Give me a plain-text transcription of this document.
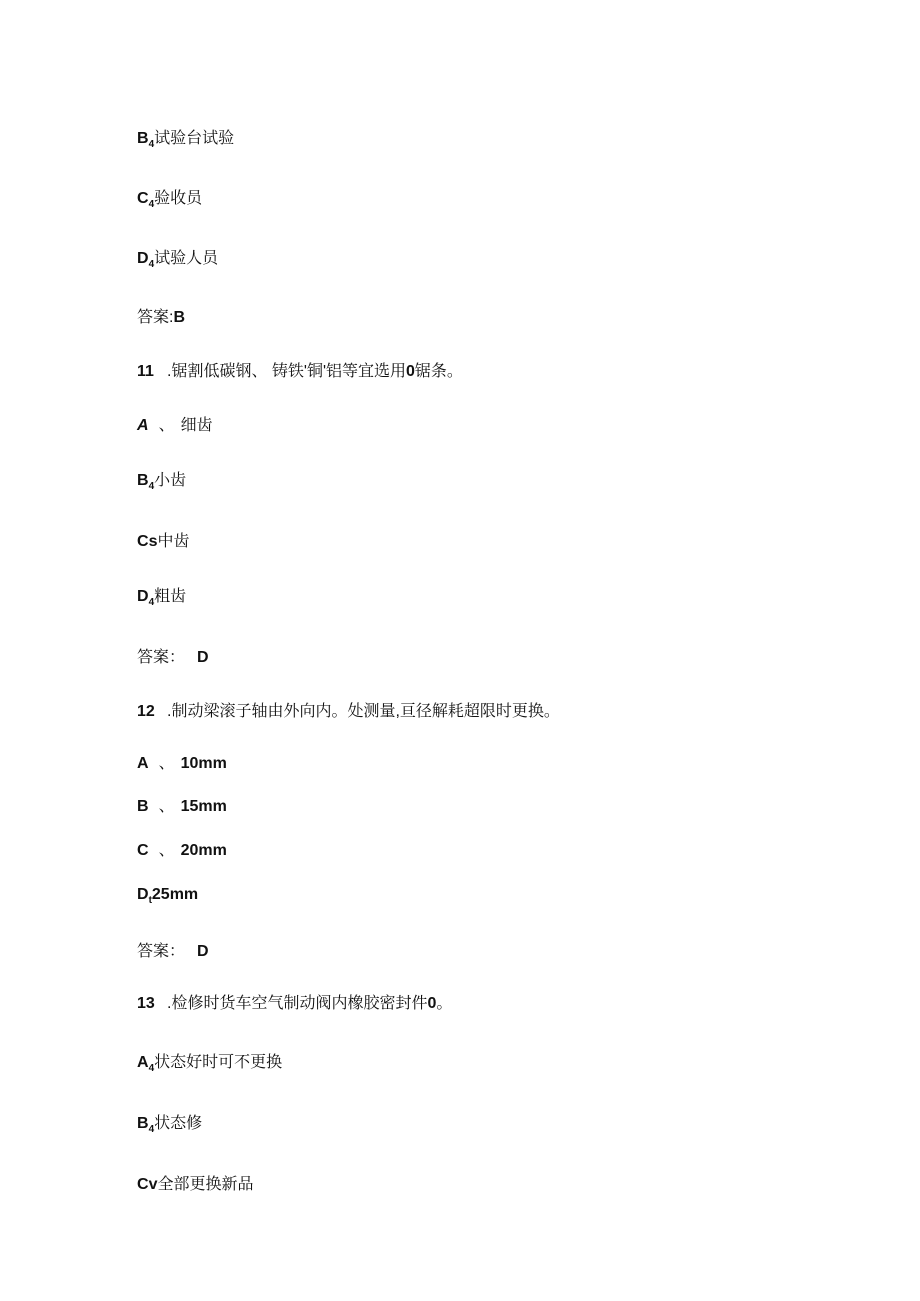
$B_4$试验台试验
$C_4$验收员
$D_4$试验人员
答案:B
11 .锯割低碳钢、 铸铁'铜'铝等宜选用0锯条。
A 、 细齿
$B_4$小齿
Cs中齿
$D_4$粗齿
答案： D
12 .制动梁滚子轴由外向内。处测量,亘径解耗超限时更换。
A 、 10mm
B 、 15mm
C 、 20mm
$D_t25mm$
答案： D
13 .检修时货车空气制动阀内橡胶密封件0。
$A_4$状态好时可不更换
$B_4$状态修
Cv全部更换新品
